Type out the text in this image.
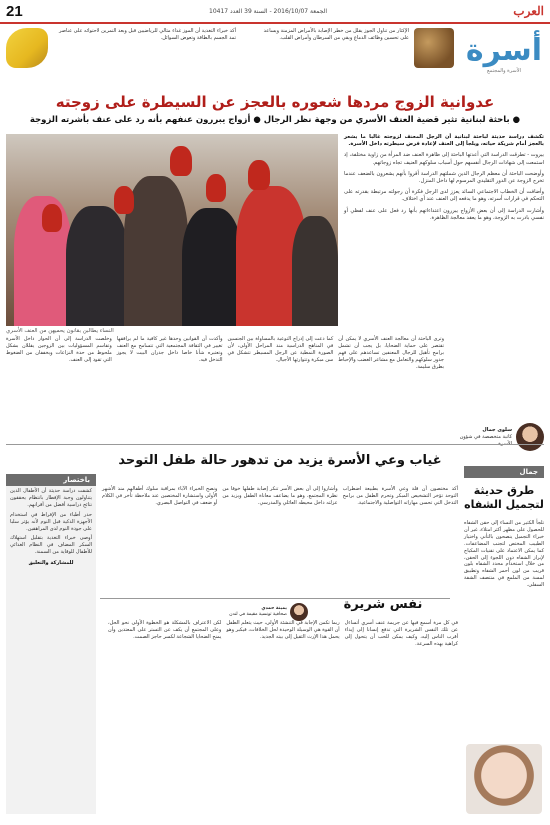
العرب
الجمعة 2016/10/07 - السنة 39 العدد 10417
21

الإكثار من تناول الجوز يقلل من خطر الإصابة بالأمراض المزمنة ويساعد على تحسين وظائف الدماغ ويقي من السرطان وأمراض القلب.

أكد خبراء التغذية أن الموز غذاء مثالي للرياضيين قبل وبعد التمرين لاحتوائه على عناصر تمد الجسم بالطاقة وتعوض السوائل.	أسرة
الأسرة والمجتمع
عدوانية الزوج مردها شعوره بالعجز عن السيطرة على زوجته
● باحثة لبنانية تثير قضية العنف الأسري من وجهة نظر الرجال ● أزواج يبررون عنفهم بأنه رد على عنف بأشرته الزوجة

تكشف دراسة حديثة لباحثة لبنانية أن الرجل المعنف لزوجته غالبا ما يشعر بالعجز أمام شريكة حياته، ويلجأ إلى العنف لإعادة فرض سيطرته داخل الأسرة.

بيروت - تطرقت الدراسة التي أعدتها الباحثة إلى ظاهرة العنف ضد المرأة من زاوية مختلفة، إذ استمعت إلى شهادات الرجال أنفسهم حول أسباب سلوكهم العنيف تجاه زوجاتهم.

وأوضحت الباحثة أن معظم الرجال الذين شملتهم الدراسة أقروا بأنهم يشعرون بالضعف عندما تخرج الزوجة عن الدور التقليدي المرسوم لها داخل المنزل.

وأضافت أن الخطاب الاجتماعي السائد يعزز لدى الرجل فكرة أن رجولته مرتبطة بقدرته على التحكم في قرارات أسرته، وهو ما يدفعه إلى العنف عند أي اختلاف.

وأشارت الدراسة إلى أن بعض الأزواج يبررون اعتداءاتهم بأنها رد فعل على عنف لفظي أو نفسي بادرت به الزوجة، وهو ما يعقد معالجة الظاهرة.

النساء يطالبن بقانون يحميهن من العنف الأسري

وترى الباحثة أن معالجة العنف الأسري لا يمكن أن تقتصر على حماية الضحايا، بل يجب أن تشمل برامج تأهيل للرجال المعنفين تساعدهم على فهم جذور سلوكهم والتعامل مع مشاعر الغضب والإحباط بطرق سليمة.

كما دعت إلى إدراج التوعية بالمساواة بين الجنسين في المناهج الدراسية منذ المراحل الأولى، لأن الصورة النمطية عن الرجل المسيطر تتشكل في سن مبكرة وتتوارثها الأجيال.

وأكدت أن القوانين وحدها غير كافية ما لم يرافقها تغيير في الثقافة المجتمعية التي تتسامح مع العنف وتعتبره شأنا خاصا داخل جدران البيت لا يجوز التدخل فيه.

وخلصت الدراسة إلى أن الحوار داخل الأسرة وتقاسم المسؤوليات بين الزوجين يقللان بشكل ملحوظ من حدة النزاعات ويخففان من الضغوط التي تقود إلى العنف.

سلوى جمال
كاتبة متخصصة في شؤون
غياب وعي الأسرة يزيد من تدهور حالة طفل التوحد
جمال
طرق حديثة لتجميل الشفاه

تلجأ الكثير من النساء إلى حقن الشفاه للحصول على مظهر أكثر امتلاء، غير أن خبراء التجميل ينصحون بالتأني واختيار الطبيب المختص لتجنب المضاعفات. كما يمكن الاعتماد على تقنيات المكياج لإبراز الشفاه دون اللجوء إلى الحقن، من خلال استخدام محدد الشفاه بلون قريب من لون أحمر الشفاه وتطبيق لمسة من الملمع في منتصف الشفة السفلى.

أكد مختصون أن قلة وعي الأسرة بطبيعة اضطراب التوحد تؤخر التشخيص المبكر وتحرم الطفل من برامج التدخل التي تحسن مهاراته التواصلية والاجتماعية.

وأشاروا إلى أن بعض الأسر تنكر إصابة طفلها خوفا من نظرة المجتمع، وهو ما يضاعف معاناة الطفل ويزيد من عزلته داخل محيطه العائلي والمدرسي.

ونصح الخبراء الآباء بمراقبة سلوك أطفالهم منذ الأشهر الأولى واستشارة المختصين عند ملاحظة تأخر في الكلام أو ضعف في التواصل البصري.

باختصار

كشفت دراسة حديثة أن الأطفال الذين يتناولون وجبة الإفطار بانتظام يحققون نتائج دراسية أفضل من أقرانهم.

حذر أطباء من الإفراط في استخدام الأجهزة الذكية قبل النوم لأنه يؤثر سلبا على جودة النوم لدى المراهقين.

أوصى خبراء التغذية بتقليل استهلاك السكر المضاف في النظام الغذائي للأطفال للوقاية من السمنة.

للمشاركة والتعليق
نفس شريرة
يمينة حمدي
صحافية تونسية مقيمة في لندن

في كل مرة أسمع فيها عن جريمة عنف أسري أتساءل عن تلك النفس الشريرة التي تدفع إنسانا إلى إيذاء أقرب الناس إليه، وكيف يمكن للحب أن يتحول إلى كراهية بهذه السرعة.

ربما تكمن الإجابة في التنشئة الأولى، حيث يتعلم الطفل أن القوة هي الوسيلة الوحيدة لحل الخلافات، فيكبر وهو يحمل هذا الإرث الثقيل إلى بيته الجديد.

لكن الاعتراف بالمشكلة هو الخطوة الأولى نحو الحل، وعلى المجتمع أن يكف عن التستر على المعتدين وأن يمنح الضحايا الشجاعة لكسر حاجز الصمت.
